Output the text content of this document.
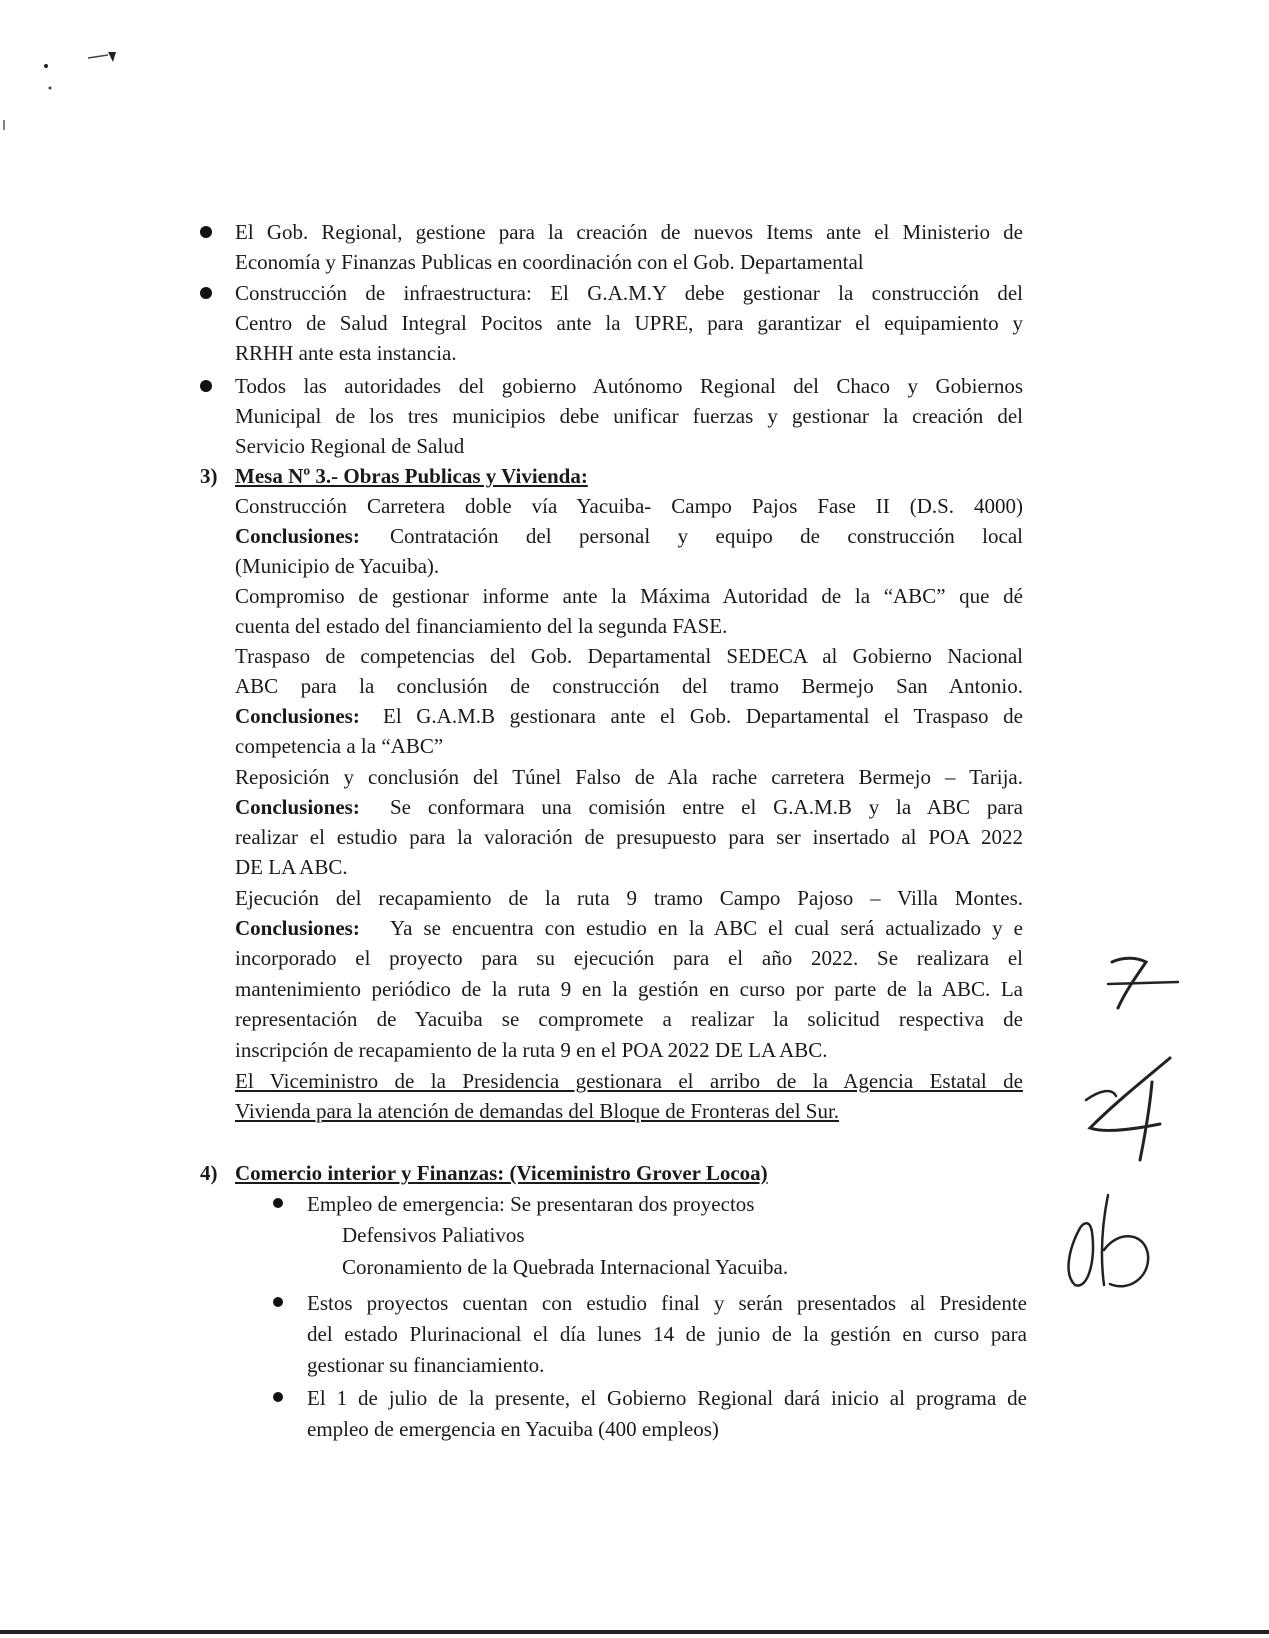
El Gob. Regional, gestione para la creación de nuevos Items ante el Ministerio de
Economía y Finanzas Publicas en coordinación con el Gob. Departamental
Construcción de infraestructura: El G.A.M.Y debe gestionar la construcción del
Centro de Salud Integral Pocitos ante la UPRE, para garantizar el equipamiento y
RRHH ante esta instancia.
Todos las autoridades del gobierno Autónomo Regional del Chaco y Gobiernos
Municipal de los tres municipios debe unificar fuerzas y gestionar la creación del
Servicio Regional de Salud
3) Mesa Nº 3.- Obras Publicas y Vivienda:
Construcción Carretera doble vía Yacuiba- Campo Pajos Fase II (D.S. 4000)
Conclusiones: Contratación del personal y equipo de construcción local
(Municipio de Yacuiba).
Compromiso de gestionar informe ante la Máxima Autoridad de la “ABC” que dé
cuenta del estado del financiamiento del la segunda FASE.
Traspaso de competencias del Gob. Departamental SEDECA al Gobierno Nacional
ABC para la conclusión de construcción del tramo Bermejo San Antonio.
Conclusiones: El G.A.M.B gestionara ante el Gob. Departamental el Traspaso de
competencia a la “ABC”
Reposición y conclusión del Túnel Falso de Ala rache carretera Bermejo – Tarija.
Conclusiones: Se conformara una comisión entre el G.A.M.B y la ABC para
realizar el estudio para la valoración de presupuesto para ser insertado al POA 2022
DE LA ABC.
Ejecución del recapamiento de la ruta 9 tramo Campo Pajoso – Villa Montes.
Conclusiones: Ya se encuentra con estudio en la ABC el cual será actualizado y e
incorporado el proyecto para su ejecución para el año 2022. Se realizara el
mantenimiento periódico de la ruta 9 en la gestión en curso por parte de la ABC. La
representación de Yacuiba se compromete a realizar la solicitud respectiva de
inscripción de recapamiento de la ruta 9 en el POA 2022 DE LA ABC.
El Viceministro de la Presidencia gestionara el arribo de la Agencia Estatal de
Vivienda para la atención de demandas del Bloque de Fronteras del Sur.
4) Comercio interior y Finanzas: (Viceministro Grover Locoa)
Empleo de emergencia: Se presentaran dos proyectos
Defensivos Paliativos
Coronamiento de la Quebrada Internacional Yacuiba.
Estos proyectos cuentan con estudio final y serán presentados al Presidente
del estado Plurinacional el día lunes 14 de junio de la gestión en curso para
gestionar su financiamiento.
El 1 de julio de la presente, el Gobierno Regional dará inicio al programa de
empleo de emergencia en Yacuiba (400 empleos)
